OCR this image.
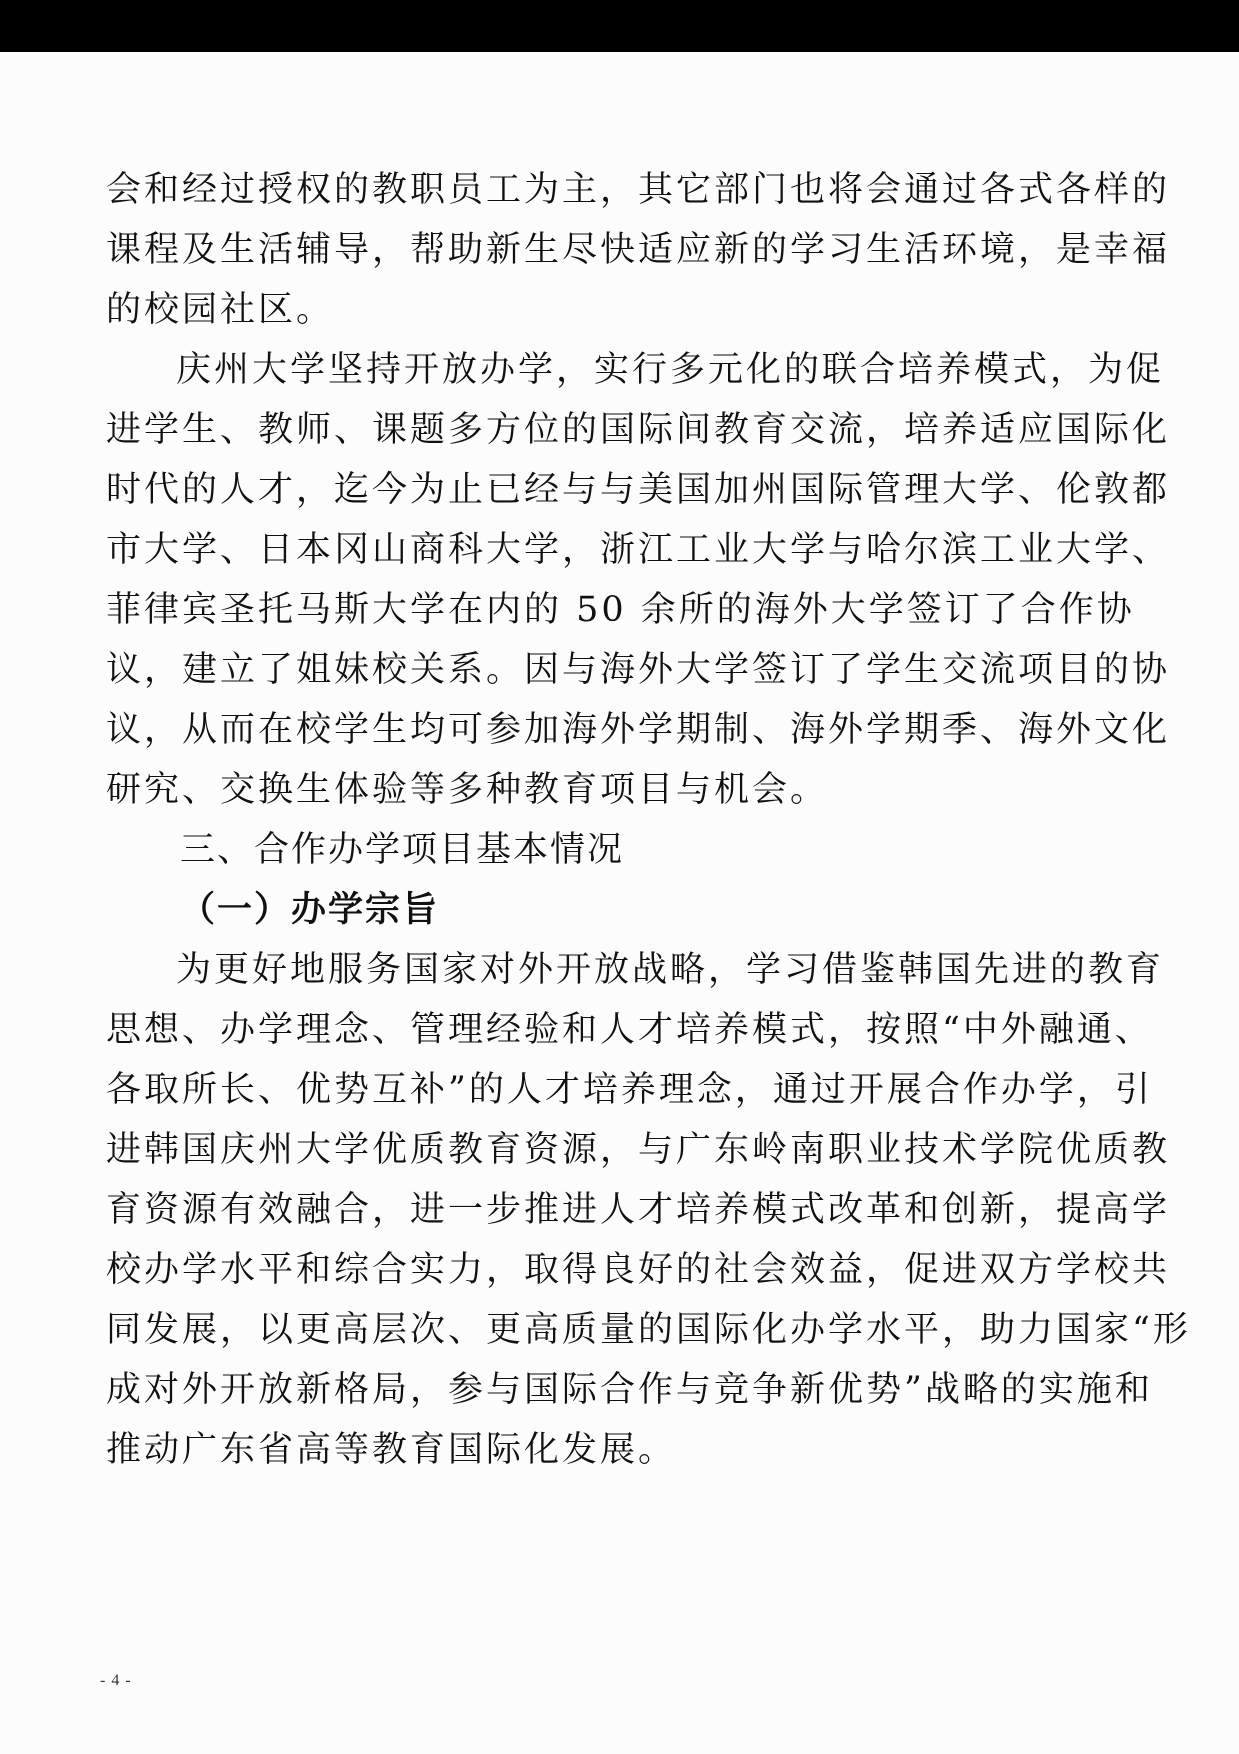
会和经过授权的教职员工为主，其它部门也将会通过各式各样的
课程及生活辅导，帮助新生尽快适应新的学习生活环境，是幸福
的校园社区。
庆州大学坚持开放办学，实行多元化的联合培养模式，为促
进学生、教师、课题多方位的国际间教育交流，培养适应国际化
时代的人才，迄今为止已经与与美国加州国际管理大学、伦敦都
市大学、日本冈山商科大学，浙江工业大学与哈尔滨工业大学、
菲律宾圣托马斯大学在内的 50 余所的海外大学签订了合作协
议，建立了姐妹校关系。因与海外大学签订了学生交流项目的协
议，从而在校学生均可参加海外学期制、海外学期季、海外文化
研究、交换生体验等多种教育项目与机会。
三、合作办学项目基本情况
（一）办学宗旨
为更好地服务国家对外开放战略，学习借鉴韩国先进的教育
思想、办学理念、管理经验和人才培养模式，按照“中外融通、
各取所长、优势互补”的人才培养理念，通过开展合作办学，引
进韩国庆州大学优质教育资源，与广东岭南职业技术学院优质教
育资源有效融合，进一步推进人才培养模式改革和创新，提高学
校办学水平和综合实力，取得良好的社会效益，促进双方学校共
同发展，以更高层次、更高质量的国际化办学水平，助力国家“形
成对外开放新格局，参与国际合作与竞争新优势”战略的实施和
推动广东省高等教育国际化发展。
- 4 -
